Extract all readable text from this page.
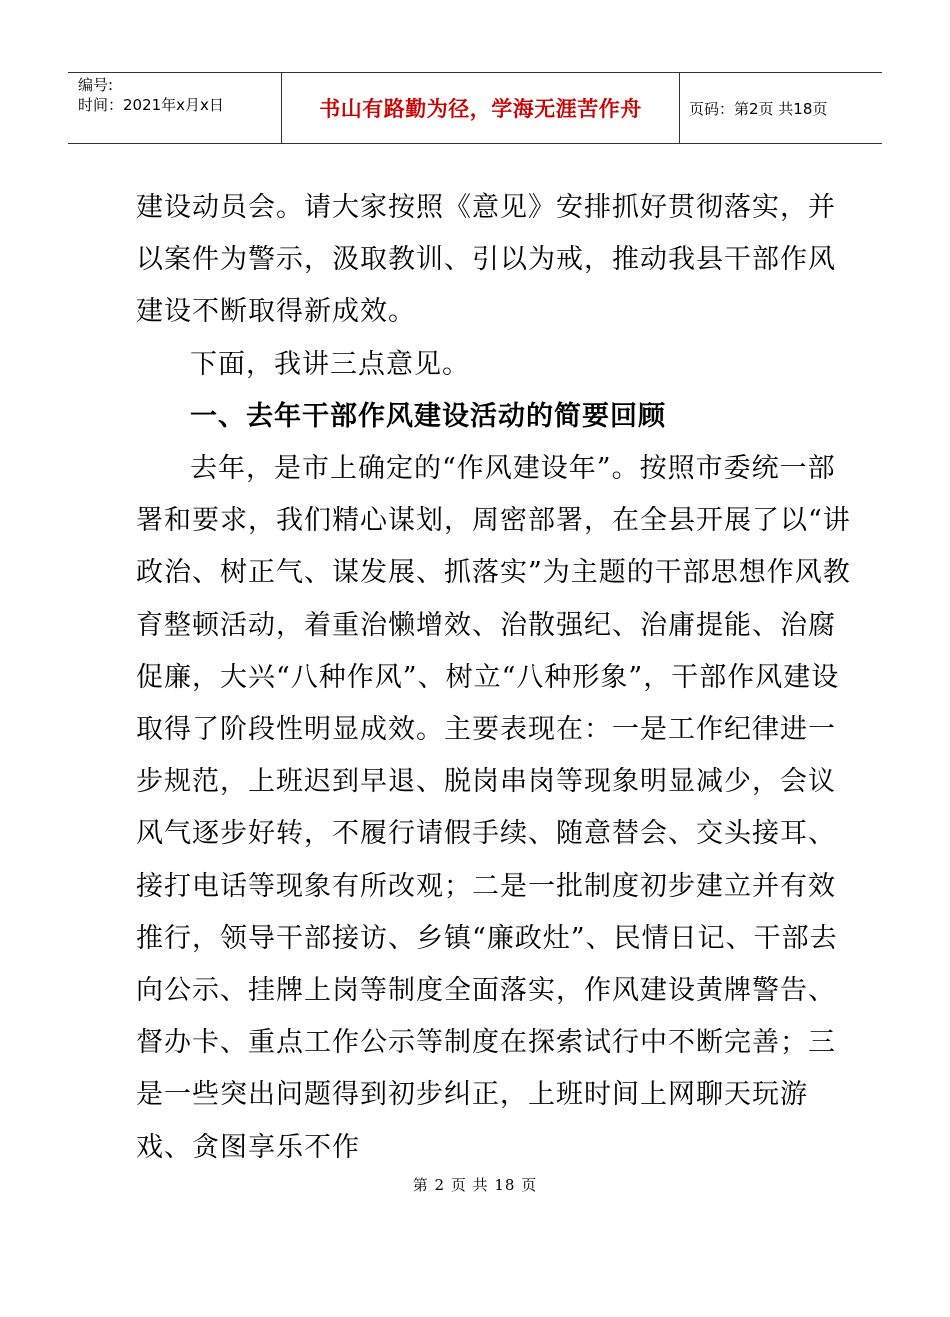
编号:
时间：2021年x月x日	书山有路勤为径，学海无涯苦作舟	页码：第2页 共18页

建设动员会。请大家按照《意见》安排抓好贯彻落实，并以案件为警示，汲取教训、引以为戒，推动我县干部作风建设不断取得新成效。

下面，我讲三点意见。

一、去年干部作风建设活动的简要回顾

去年，是市上确定的“作风建设年”。按照市委统一部署和要求，我们精心谋划，周密部署，在全县开展了以“讲政治、树正气、谋发展、抓落实”为主题的干部思想作风教育整顿活动，着重治懒增效、治散强纪、治庸提能、治腐促廉，大兴“八种作风”、树立“八种形象”，干部作风建设取得了阶段性明显成效。主要表现在：一是工作纪律进一步规范，上班迟到早退、脱岗串岗等现象明显减少，会议风气逐步好转，不履行请假手续、随意替会、交头接耳、接打电话等现象有所改观；二是一批制度初步建立并有效推行，领导干部接访、乡镇“廉政灶”、民情日记、干部去向公示、挂牌上岗等制度全面落实，作风建设黄牌警告、督办卡、重点工作公示等制度在探索试行中不断完善；三是一些突出问题得到初步纠正，上班时间上网聊天玩游戏、贪图享乐不作

第 2 页 共 18 页
